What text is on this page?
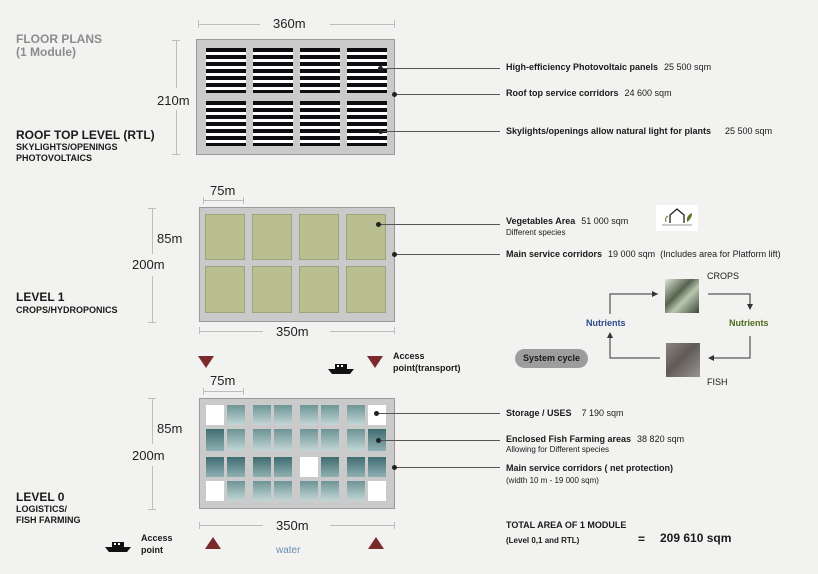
FLOOR PLANS
(1 Module)
360m
210m
High-efficiency Photovoltaic panels 25 500 sqm
Roof top service corridors 24 600 sqm
Skylights/openings allow natural light for plants 25 500 sqm
ROOF TOP LEVEL (RTL)
SKYLIGHTS/OPENINGS
PHOTOVOLTAICS
75m
200m
85m
350m
Vegetables Area 51 000 sqm
Different species
Main service corridors 19 000 sqm (Includes area for Platform lift)
LEVEL 1
CROPS/HYDROPONICS
CROPS
FISH
Nutrients	Nutrients
System cycle
Access
point(transport)
75m
200m
85m
350m
water
Storage / USES 7 190 sqm
Enclosed Fish Farming areas 38 820 sqm
Allowing for Different species
Main service corridors ( net protection)
(width 10 m - 19 000 sqm)
LEVEL 0
LOGISTICS/
FISH FARMING
Access
point
TOTAL AREA OF 1 MODULE
(Level 0,1 and RTL)	= 209 610 sqm
